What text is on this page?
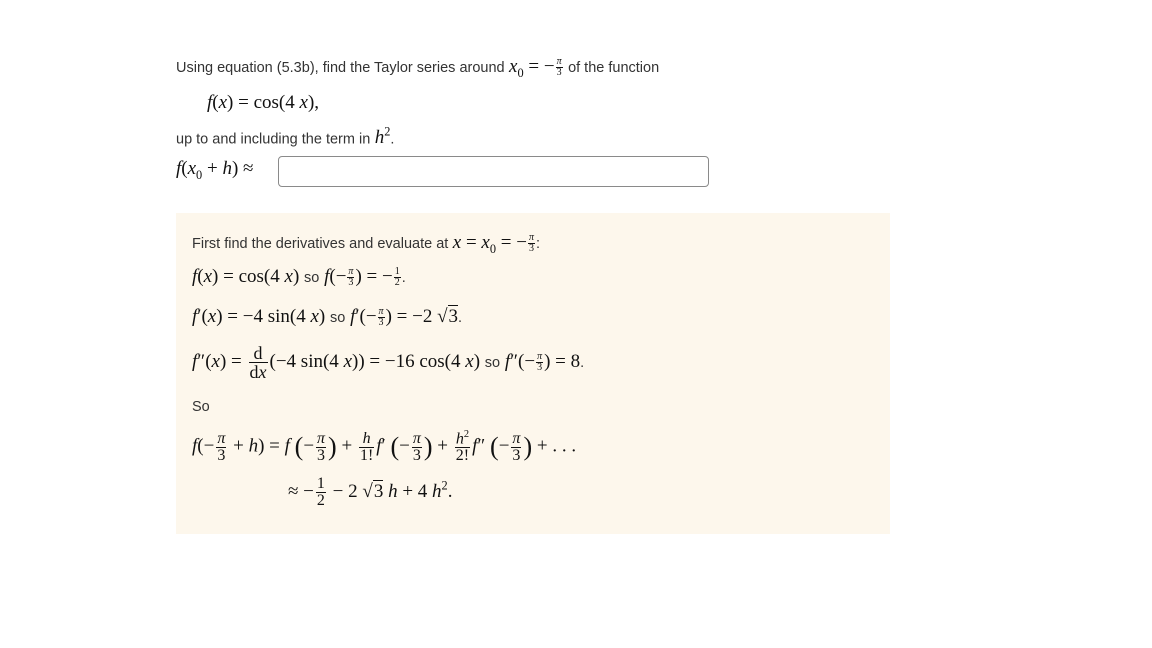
Using equation (5.3b), find the Taylor series around $x_0$ = − $\frac{\pi}{3}$ of the function
f(x) = cos(4 x),
up to and including the term in $h^2$.
$f(x_0 + h)$ ≈
First find the derivatives and evaluate at $x = x_0$ = − $\frac{\pi}{3}$ :
f(x) = cos(4 x) so $f(- \frac{\pi}{3}$ ) = − $\frac{1}{2}$ .
f′(x) = −4 sin(4 x) so $f'(- \frac{\pi}{3}$ ) = −2 √3.
$f''(x) = \frac{d}{dx} (-4$ sin(4 x)) = −16 cos(4 x) so $f''(- \frac{\pi}{3}$ ) = 8.
So
$f(- \frac{\pi}{3} + h) = f$ (− $\frac{\pi}{3}$ ) + $\frac{h}{1!} f'$ (− $\frac{\pi}{3}$ ) + $\frac{h^2}{2!} f''$ (− $\frac{\pi}{3}$ ) + . . .
≈ − $\frac{1}{2} - 2$ √3 h + 4 $h^2$.
